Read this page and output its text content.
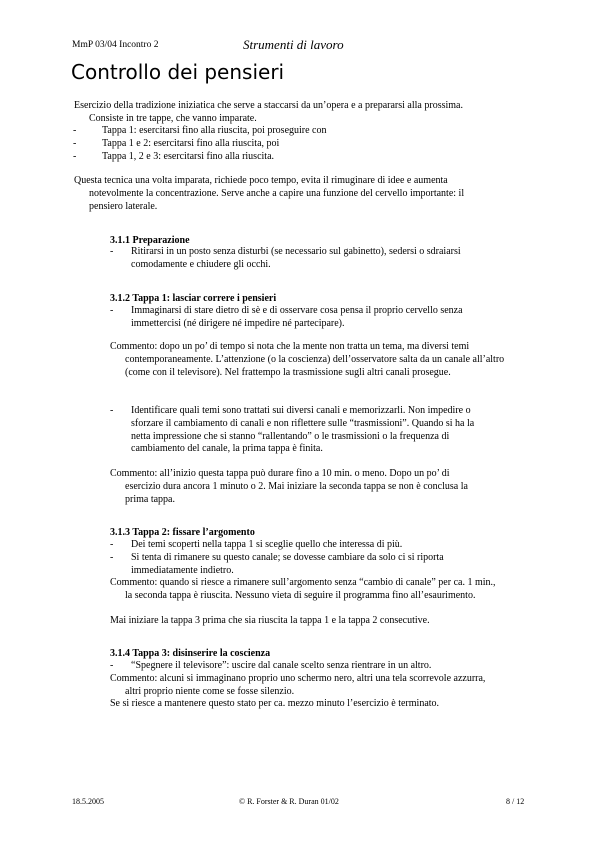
MmP 03/04 Incontro 2	Strumenti di lavoro
Controllo dei pensieri
Esercizio della tradizione iniziatica che serve a staccarsi da un’opera e a prepararsi alla prossima. Consiste in tre tappe, che vanno imparate.
-	Tappa 1: esercitarsi fino alla riuscita, poi proseguire con
-	Tappa 1 e 2: esercitarsi fino alla riuscita, poi
-	Tappa 1, 2 e 3: esercitarsi fino alla riuscita.
Questa tecnica una volta imparata, richiede poco tempo, evita il rimuginare di idee e aumenta notevolmente la concentrazione. Serve anche a capire una funzione del cervello importante: il pensiero laterale.
3.1.1 Preparazione
- Ritirarsi in un posto senza disturbi (se necessario sul gabinetto), sedersi o sdraiarsi comodamente e chiudere gli occhi.
3.1.2 Tappa 1: lasciar correre i pensieri
- Immaginarsi di stare dietro di sè e di osservare cosa pensa il proprio cervello senza immettercisi (né dirigere né impedire né partecipare).
Commento: dopo un po’ di tempo si nota che la mente non tratta un tema, ma diversi temi contemporaneamente. L’attenzione (o la coscienza) dell’osservatore salta da un canale all’altro (come con il televisore). Nel frattempo la trasmissione sugli altri canali prosegue.
- Identificare quali temi sono trattati sui diversi canali e memorizzarli. Non impedire o sforzare il cambiamento di canali e non riflettere sulle “trasmissioni”. Quando si ha la netta impressione che si stanno “rallentando” o le trasmissioni o la frequenza di cambiamento del canale, la prima tappa è finita.
Commento: all’inizio questa tappa può durare fino a 10 min. o meno. Dopo un po’ di esercizio dura ancora 1 minuto o 2. Mai iniziare la seconda tappa se non è conclusa la prima tappa.
3.1.3 Tappa 2: fissare l’argomento
- Dei temi scoperti nella tappa 1 si sceglie quello che interessa di più.
- Si tenta di rimanere su questo canale; se dovesse cambiare da solo ci si riporta immediatamente indietro.
Commento: quando si riesce a rimanere sull’argomento senza “cambio di canale” per ca. 1 min., la seconda tappa è riuscita. Nessuno vieta di seguire il programma fino all’esaurimento.
Mai iniziare la tappa 3 prima che sia riuscita la tappa 1 e la tappa 2 consecutive.
3.1.4 Tappa 3: disinserire la coscienza
- “Spegnere il televisore”: uscire dal canale scelto senza rientrare in un altro.
Commento: alcuni si immaginano proprio uno schermo nero, altri una tela scorrevole azzurra, altri proprio niente come se fosse silenzio.
Se si riesce a mantenere questo stato per ca. mezzo minuto l’esercizio è terminato.
18.5.2005	© R. Forster & R. Duran 01/02	8 / 12
